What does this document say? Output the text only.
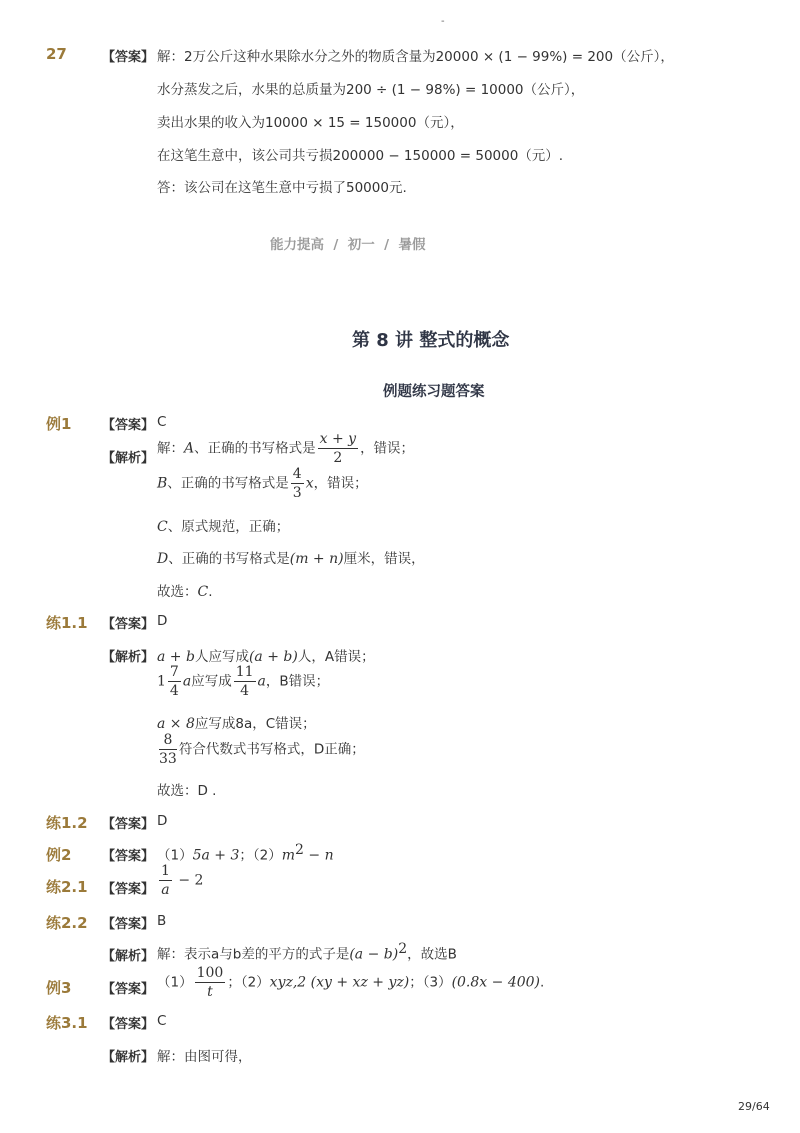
-
27	【答案】 解：2万公斤这种水果除水分之外的物质含量为20000 × (1 − 99%) = 200（公斤），
水分蒸发之后，水果的总质量为200 ÷ (1 − 98%) = 10000（公斤），
卖出水果的收入为10000 × 15 = 150000（元），
在这笔生意中，该公司共亏损200000 − 150000 = 50000（元）.
答：该公司在这笔生意中亏损了50000元.
能力提高  /  初一  /  暑假
第 8 讲 整式的概念
例题练习题答案
例1 【答案】 C
【解析】
解：A、正确的书写格式是 $\frac{x + y}{2}$ ，错误；
B、正确的书写格式是 $\frac{4}{3}$ x，错误；
C、原式规范，正确；
D、正确的书写格式是(m + n)厘米，错误，
故选：C.
练1.1 【答案】 D
【解析】 a + b人应写成(a + b)人，A错误；
$1 \frac{7}{4}$ a应写成 $\frac{11}{4}$ a，B错误；
a × 8应写成8a，C错误；
$\frac{8}{33}$ 符合代数式书写格式，D正确；
故选：D .
练1.2 【答案】 D
例2 【答案】 （1）5a + 3；$(2)m^2 - n$
练2.1 【答案】 $\frac{1}{a} - 2$
练2.2 【答案】 B
【解析】 解：表示a与b差的平方的式子是$(a - b)^2$，故选B
例3 【答案】 $(1) \frac{100}{t}$ ；（2）xyz,2 (xy + xz + yz)；（3）(0.8x − 400).
练3.1 【答案】 C
【解析】 解：由图可得，
29/64
